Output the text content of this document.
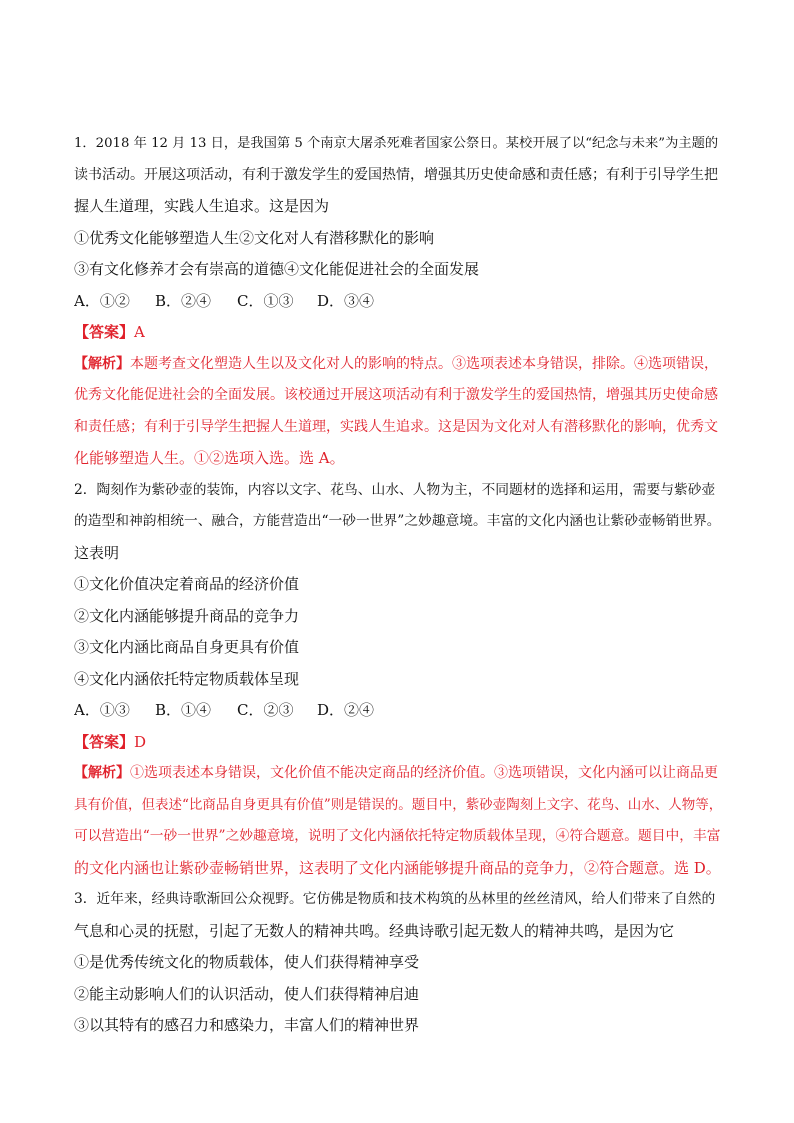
1．2018 年 12 月 13 日，是我国第 5 个南京大屠杀死难者国家公祭日。某校开展了以“纪念与未来”为主题的
读书活动。开展这项活动，有利于激发学生的爱国热情，增强其历史使命感和责任感；有利于引导学生把
握人生道理，实践人生追求。这是因为
①优秀文化能够塑造人生②文化对人有潜移默化的影响
③有文化修养才会有崇高的道德④文化能促进社会的全面发展
A．①② B．②④ C．①③ D．③④
【答案】A
【解析】本题考查文化塑造人生以及文化对人的影响的特点。③选项表述本身错误，排除。④选项错误，
优秀文化能促进社会的全面发展。该校通过开展这项活动有利于激发学生的爱国热情，增强其历史使命感
和责任感；有利于引导学生把握人生道理，实践人生追求。这是因为文化对人有潜移默化的影响，优秀文
化能够塑造人生。①②选项入选。选 A。
2．陶刻作为紫砂壶的装饰，内容以文字、花鸟、山水、人物为主，不同题材的选择和运用，需要与紫砂壶
的造型和神韵相统一、融合，方能营造出“一砂一世界”之妙趣意境。丰富的文化内涵也让紫砂壶畅销世界。
这表明
①文化价值决定着商品的经济价值
②文化内涵能够提升商品的竞争力
③文化内涵比商品自身更具有价值
④文化内涵依托特定物质载体呈现
A．①③ B．①④ C．②③ D．②④
【答案】D
【解析】①选项表述本身错误，文化价值不能决定商品的经济价值。③选项错误，文化内涵可以让商品更
具有价值，但表述“比商品自身更具有价值”则是错误的。题目中，紫砂壶陶刻上文字、花鸟、山水、人物等，
可以营造出“一砂一世界”之妙趣意境，说明了文化内涵依托特定物质载体呈现，④符合题意。题目中，丰富
的文化内涵也让紫砂壶畅销世界，这表明了文化内涵能够提升商品的竞争力，②符合题意。选 D。
3．近年来，经典诗歌渐回公众视野。它仿佛是物质和技术构筑的丛林里的丝丝清风，给人们带来了自然的
气息和心灵的抚慰，引起了无数人的精神共鸣。经典诗歌引起无数人的精神共鸣，是因为它
①是优秀传统文化的物质载体，使人们获得精神享受
②能主动影响人们的认识活动，使人们获得精神启迪
③以其特有的感召力和感染力，丰富人们的精神世界
